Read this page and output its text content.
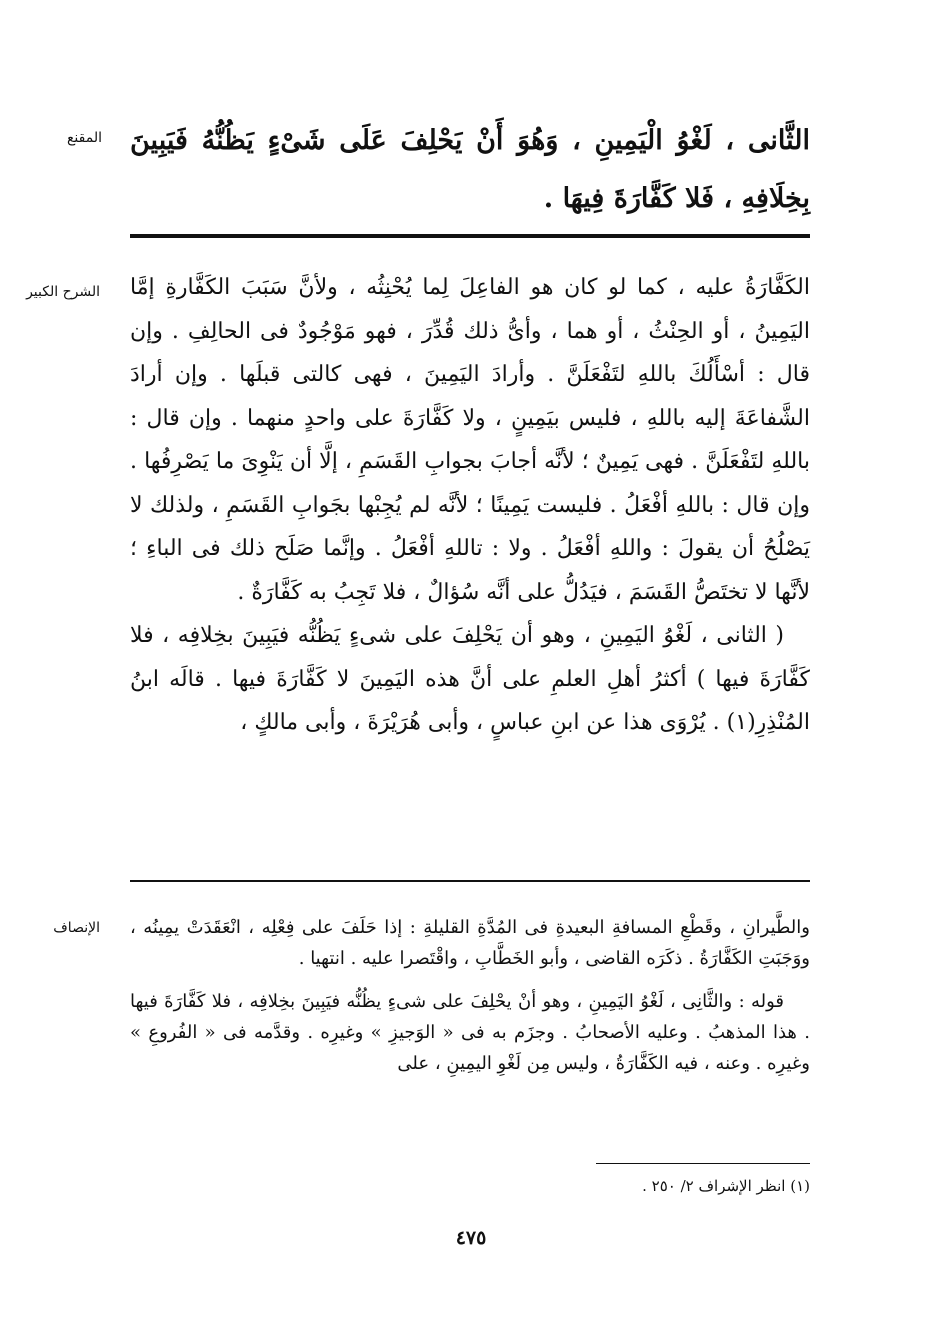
المقنع الثَّانى ، لَغْوُ الْيَمِينِ ، وَهُوَ أَنْ يَحْلِفَ عَلَى شَىْءٍ يَظُنُّهُ فَيَبِينَ بِخِلَافِهِ ، فَلا كَفَّارَةَ فِيهَا .

الشرح الكبير الكَفَّارَةُ عليه ، كما لو كان هو الفاعِلَ لِما يُحْنِثُه ، ولأنَّ سَبَبَ الكَفَّارةِ إمَّا اليَمِينُ ، أو الحِنْثُ ، أو هما ، وأىُّ ذلك قُدِّرَ ، فهو مَوْجُودٌ فى الحالِفِ . وإن قال : أسْأَلُكَ باللهِ لتَفْعَلَنَّ . وأرادَ اليَمِينَ ، فهى كالتى قبلَها . وإن أرادَ الشَّفاعَةَ إليه باللهِ ، فليس بيَمِينٍ ، ولا كَفَّارَةَ على واحدٍ منهما . وإن قال : باللهِ لتَفْعَلَنَّ . فهى يَمِينٌ ؛ لأنَّه أجابَ بجوابِ القَسَمِ ، إلَّا أن يَنْوِىَ ما يَصْرِفُها . وإن قال : باللهِ أفْعَلُ . فليست يَمِينًا ؛ لأنَّه لم يُجِبْها بجَوابِ القَسَمِ ، ولذلك لا يَصْلُحُ أن يقولَ : واللهِ أفْعَلُ . ولا : تاللهِ أفْعَلُ . وإنَّما صَلَح ذلك فى الباءِ ؛ لأنَّها لا تختَصُّ القَسَمَ ، فيَدُلُّ على أنَّه سُؤالٌ ، فلا تَجِبُ به كَفَّارَةٌ .

( الثانى ، لَغْوُ اليَمِينِ ، وهو أن يَحْلِفَ على شىءٍ يَظُنُّه فيَبِينَ بخِلافِه ، فلا كَفَّارَةَ فيها ) أكثرُ أهلِ العلمِ على أنَّ هذه اليَمِينَ لا كَفَّارَةَ فيها . قالَه ابنُ المُنْذِرِ(١) . يُرْوَى هذا عن ابنِ عباسٍ ، وأبى هُرَيْرَةَ ، وأبى مالكٍ ،

الإنصاف والطَّيرانِ ، وقَطْعِ المسافةِ البعيدةِ فى المُدَّةِ القليلةِ : إذا حَلَفَ على فِعْلِه ، انْعَقَدَتْ يمِينُه ، ووَجَبَتِ الكَفَّارَةُ . ذكَرَه القاضى ، وأبو الخَطَّابِ ، واقْتَصرا عليه . انتهيا .

قوله : والثَّانِى ، لَغْوُ اليَمِينِ ، وهو أنْ يحْلِفَ على شىءٍ يظُنُّه فيَبِينَ بخِلافِه ، فلا كَفَّارَةَ فيها . هذا المذهبُ . وعليه الأصحابُ . وجزَم به فى « الوَجيزِ » وغيرِه . وقدَّمه فى « الفُروعِ » وغيرِه . وعنه ، فيه الكَفَّارَةُ ، وليس مِن لَغْوِ اليمِينِ ، على

(١) انظر الإشراف ٢/ ٢٥٠ .
٤٧٥
